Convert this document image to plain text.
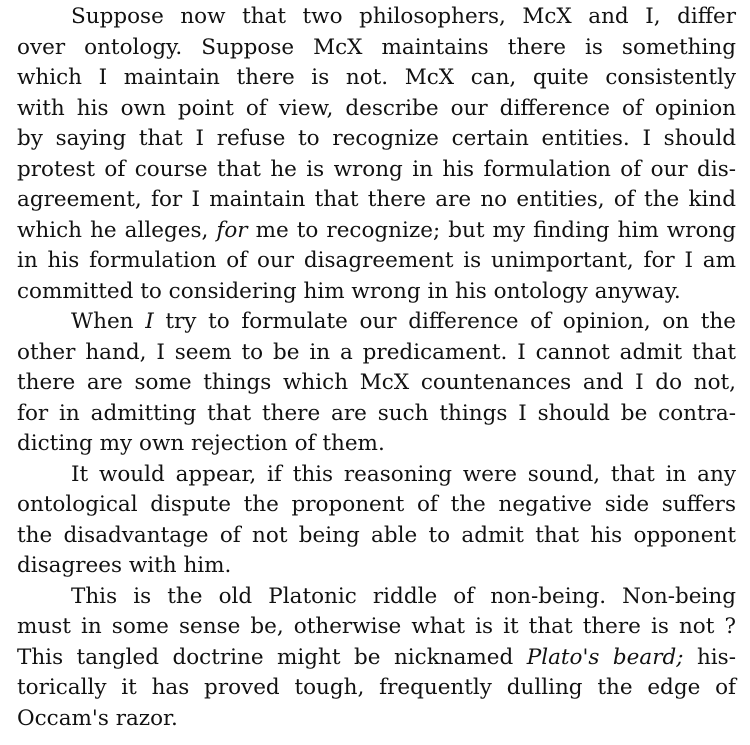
Suppose now that two philosophers, McX and I, differ
over ontology. Suppose McX maintains there is something
which I maintain there is not. McX can, quite consistently
with his own point of view, describe our difference of opinion
by saying that I refuse to recognize certain entities. I should
protest of course that he is wrong in his formulation of our dis-
agreement, for I maintain that there are no entities, of the kind
which he alleges, for me to recognize; but my finding him wrong
in his formulation of our disagreement is unimportant, for I am
committed to considering him wrong in his ontology anyway.
When I try to formulate our difference of opinion, on the
other hand, I seem to be in a predicament. I cannot admit that
there are some things which McX countenances and I do not,
for in admitting that there are such things I should be contra-
dicting my own rejection of them.
It would appear, if this reasoning were sound, that in any
ontological dispute the proponent of the negative side suffers
the disadvantage of not being able to admit that his opponent
disagrees with him.
This is the old Platonic riddle of non-being. Non-being
must in some sense be, otherwise what is it that there is not ?
This tangled doctrine might be nicknamed Plato's beard; his-
torically it has proved tough, frequently dulling the edge of
Occam's razor.
